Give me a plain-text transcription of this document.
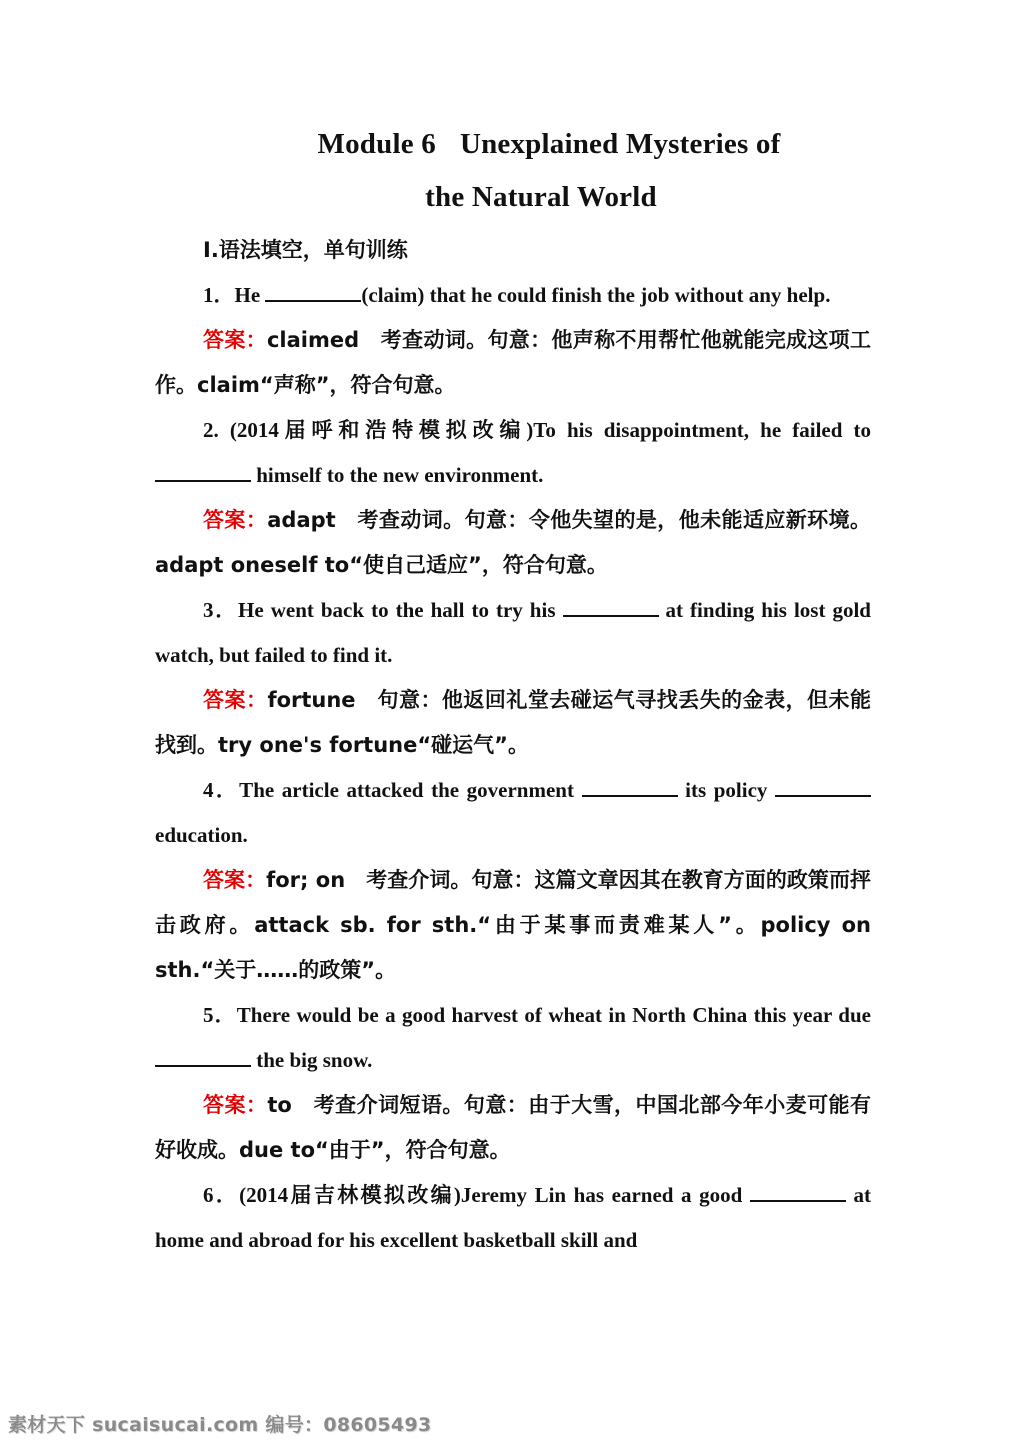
Module 6 Unexplained Mysteries of
the Natural World

Ⅰ.语法填空，单句训练

1．He	(claim) that he could finish the job without any help.

答案：claimed　考查动词。句意：他声称不用帮忙他就能完成这项工作。claim“声称”，符合句意。

2. (2014届呼和浩特模拟改编)To his disappointment, he failed to  himself to the new environment.

答案：adapt　考查动词。句意：令他失望的是，他未能适应新环境。adapt oneself to“使自己适应”，符合句意。

3．He went back to the hall to try his	at finding his lost gold watch, but failed to find it.

答案：fortune　句意：他返回礼堂去碰运气寻找丢失的金表，但未能找到。try one's fortune“碰运气”。

4．The article attacked the government	its policy  education.

答案：for; on　考查介词。句意：这篇文章因其在教育方面的政策而抨击政府。attack sb. for sth.“由于某事而责难某人”。policy on sth.“关于……的政策”。

5．There would be a good harvest of wheat in North China this year due the big snow.

答案：to　考查介词短语。句意：由于大雪，中国北部今年小麦可能有好收成。due to“由于”，符合句意。

6．(2014届吉林模拟改编)Jeremy Lin has earned a good	at home and abroad for his excellent basketball skill and

素材天下 sucaisucai.com 编号：08605493
